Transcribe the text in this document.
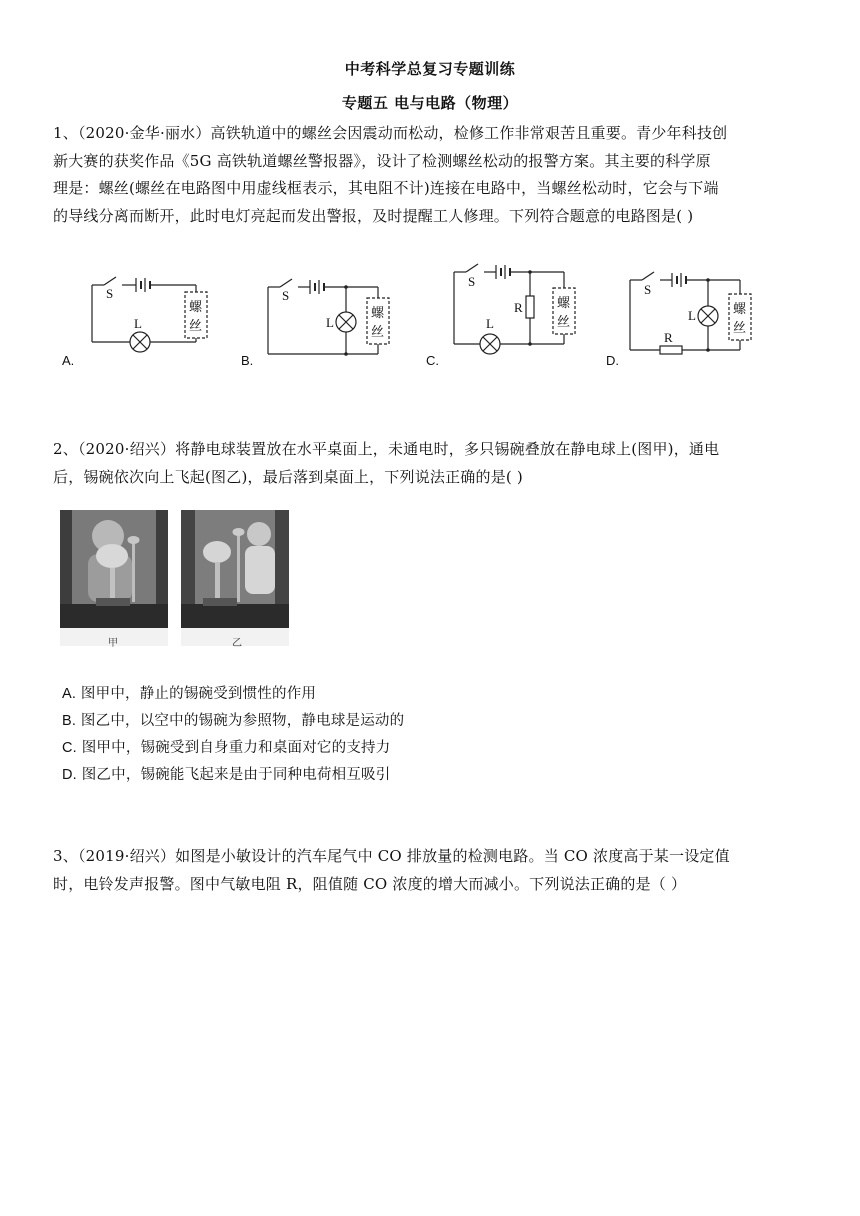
中考科学总复习专题训练
专题五 电与电路（物理）
1、（2020·金华·丽水）高铁轨道中的螺丝会因震动而松动，检修工作非常艰苦且重要。青少年科技创
新大赛的获奖作品《5G 高铁轨道螺丝警报器》，设计了检测螺丝松动的报警方案。其主要的科学原
理是：螺丝(螺丝在电路图中用虚线框表示，其电阻不计)连接在电路中，当螺丝松动时，它会与下端
的导线分离而断开，此时电灯亮起而发出警报，及时提醒工人修理。下列符合题意的电路图是( )
S
L
螺
丝
A.
S
L
螺
丝
B.
S
R
L
螺
丝
C.
S
L
R
螺
丝
D.
2、（2020·绍兴）将静电球装置放在水平桌面上，未通电时，多只锡碗叠放在静电球上(图甲)，通电
后，锡碗依次向上飞起(图乙)，最后落到桌面上，下列说法正确的是( )
甲	乙
A. 图甲中，静止的锡碗受到惯性的作用
B. 图乙中，以空中的锡碗为参照物，静电球是运动的
C. 图甲中，锡碗受到自身重力和桌面对它的支持力
D. 图乙中，锡碗能飞起来是由于同种电荷相互吸引
3、（2019·绍兴）如图是小敏设计的汽车尾气中 CO 排放量的检测电路。当 CO 浓度高于某一设定值
时，电铃发声报警。图中气敏电阻 R，阻值随 CO 浓度的增大而减小。下列说法正确的是（ ）
